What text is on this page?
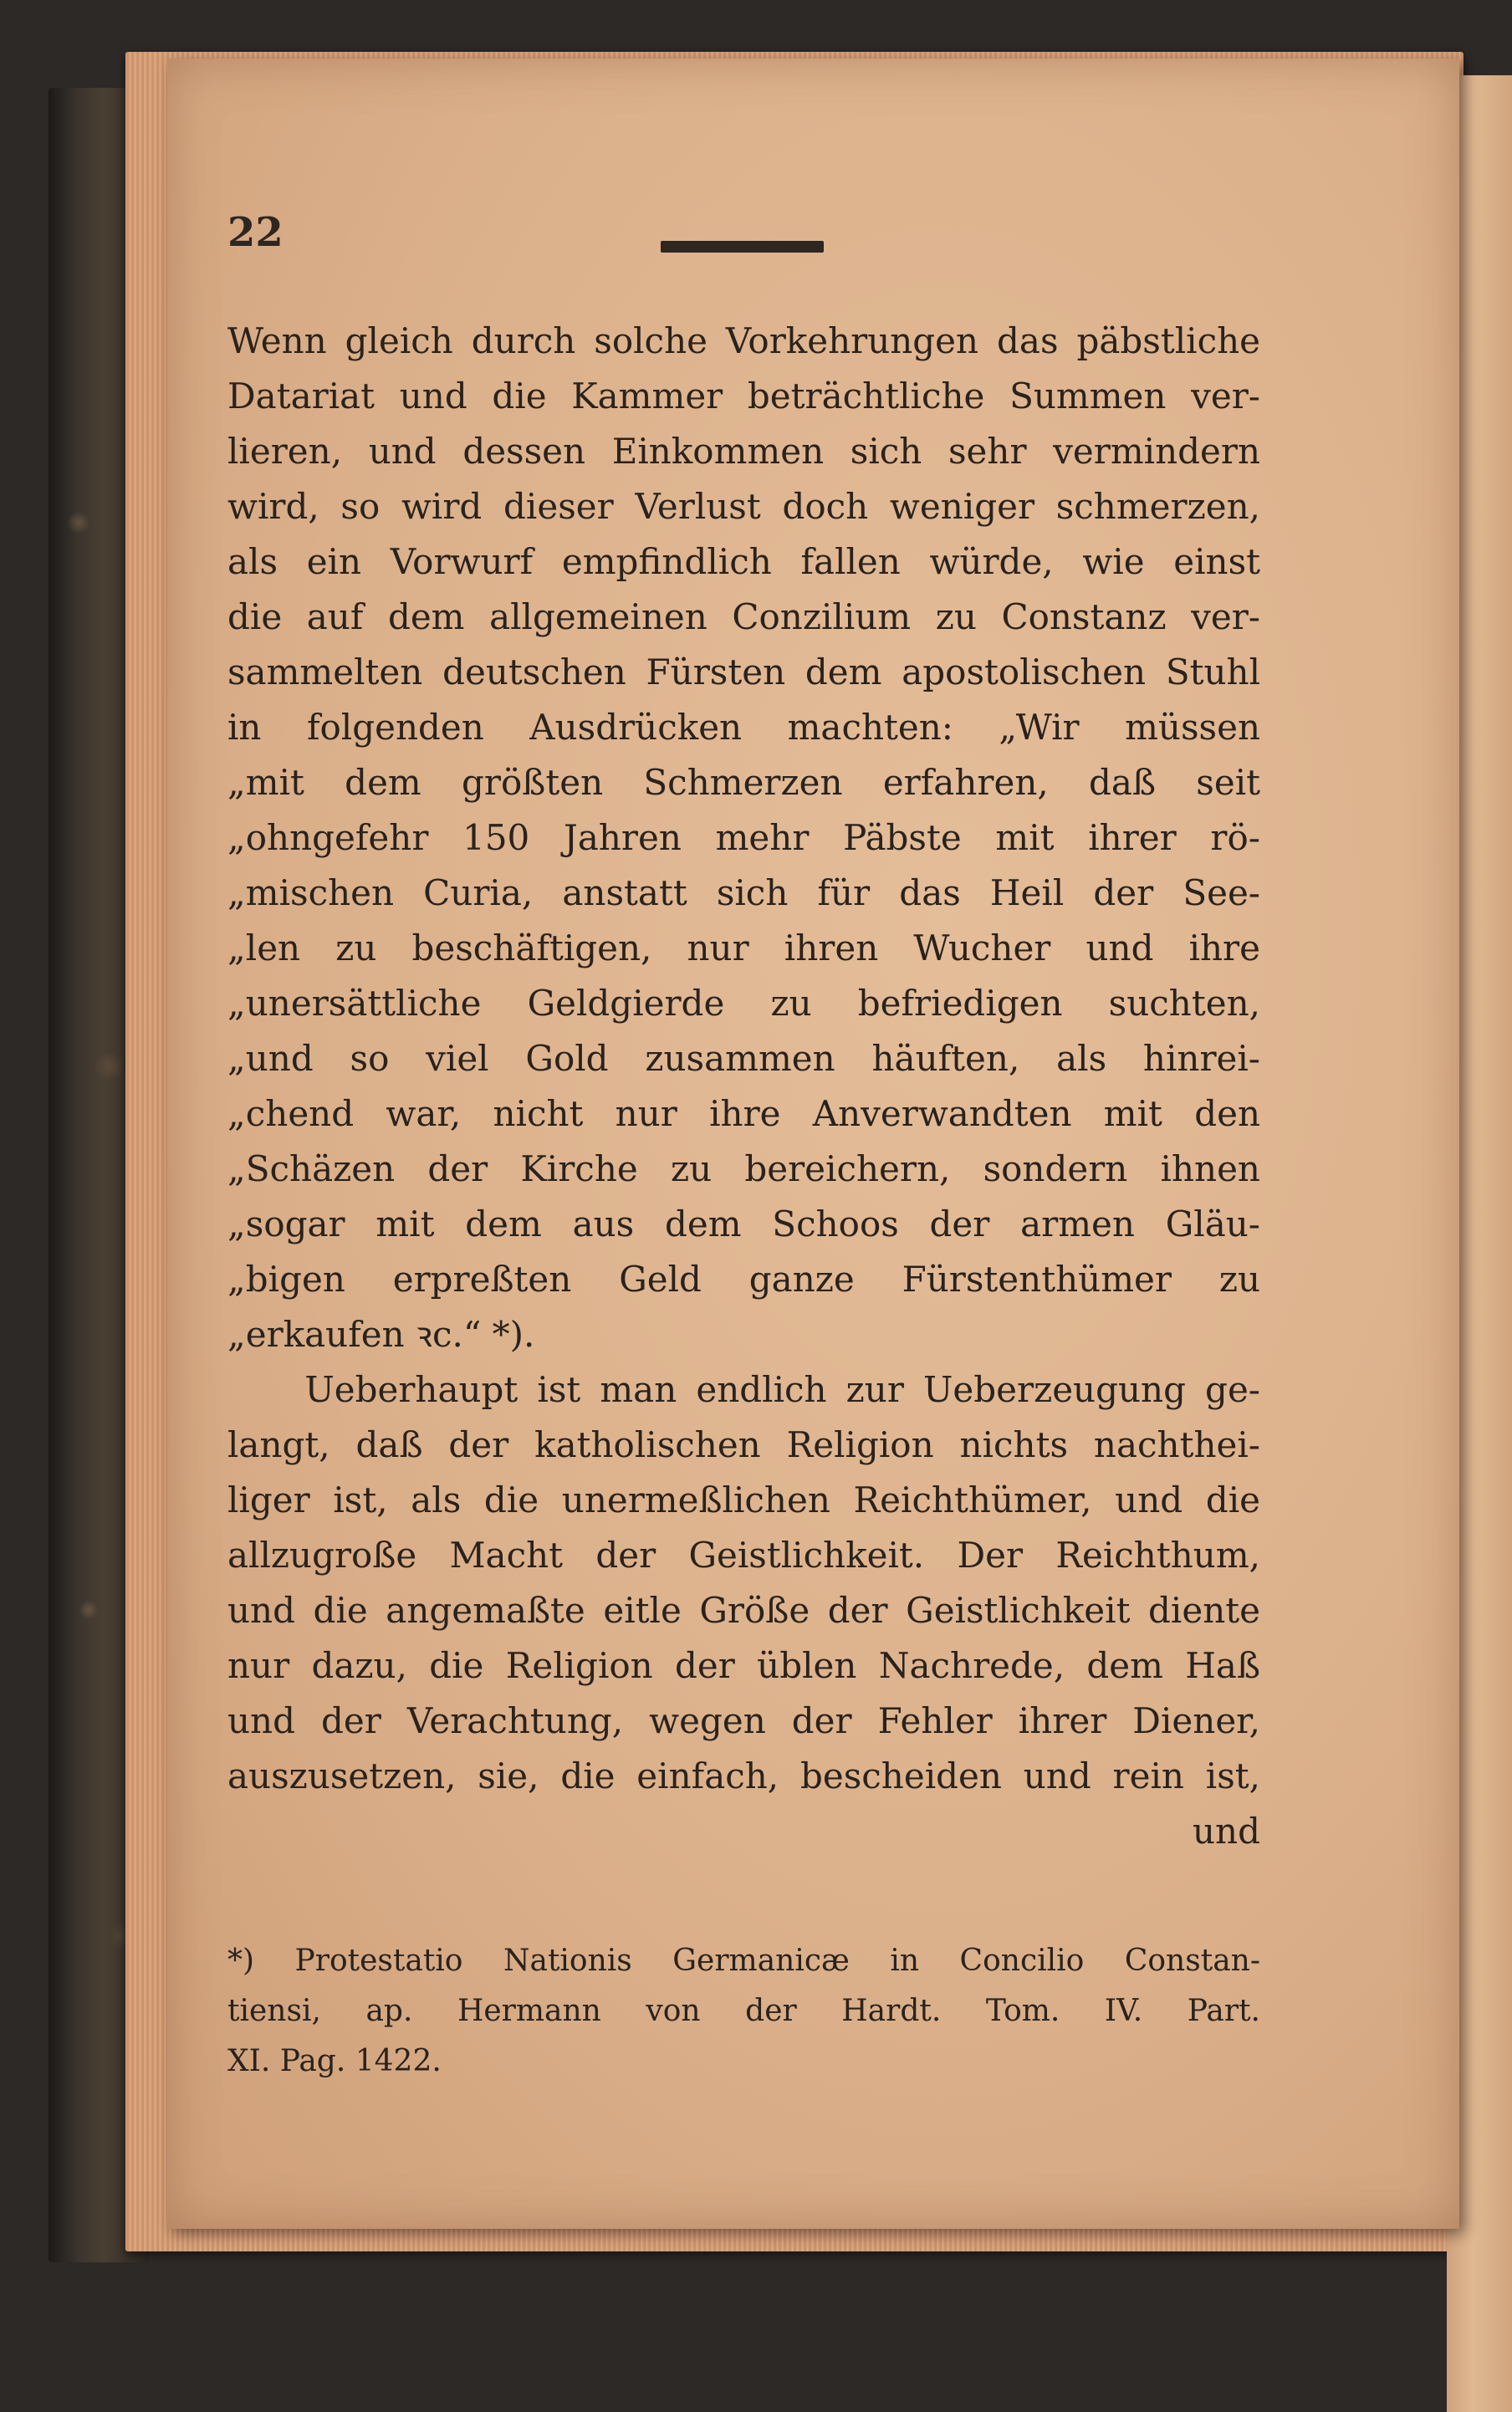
22
Wenn gleich durch solche Vorkehrungen das päbstliche
Datariat und die Kammer beträchtliche Summen ver-
lieren, und dessen Einkommen sich sehr vermindern
wird, so wird dieser Verlust doch weniger schmerzen,
als ein Vorwurf empfindlich fallen würde, wie einst
die auf dem allgemeinen Conzilium zu Constanz ver-
sammelten deutschen Fürsten dem apostolischen Stuhl
in folgenden Ausdrücken machten: „Wir müssen
„mit dem größten Schmerzen erfahren, daß seit
„ohngefehr 150 Jahren mehr Päbste mit ihrer rö-
„mischen Curia, anstatt sich für das Heil der See-
„len zu beschäftigen, nur ihren Wucher und ihre
„unersättliche Geldgierde zu befriedigen suchten,
„und so viel Gold zusammen häuften, als hinrei-
„chend war, nicht nur ihre Anverwandten mit den
„Schäzen der Kirche zu bereichern, sondern ihnen
„sogar mit dem aus dem Schoos der armen Gläu-
„bigen erpreßten Geld ganze Fürstenthümer zu
„erkaufen ꝛc.“ *).
Ueberhaupt ist man endlich zur Ueberzeugung ge-
langt, daß der katholischen Religion nichts nachthei-
liger ist, als die unermeßlichen Reichthümer, und die
allzugroße Macht der Geistlichkeit. Der Reichthum,
und die angemaßte eitle Größe der Geistlichkeit diente
nur dazu, die Religion der üblen Nachrede, dem Haß
und der Verachtung, wegen der Fehler ihrer Diener,
auszusetzen, sie, die einfach, bescheiden und rein ist,
und
*) Protestatio Nationis Germanicæ in Concilio Constan-
tiensi, ap. Hermann von der Hardt. Tom. IV. Part.
XI. Pag. 1422.
